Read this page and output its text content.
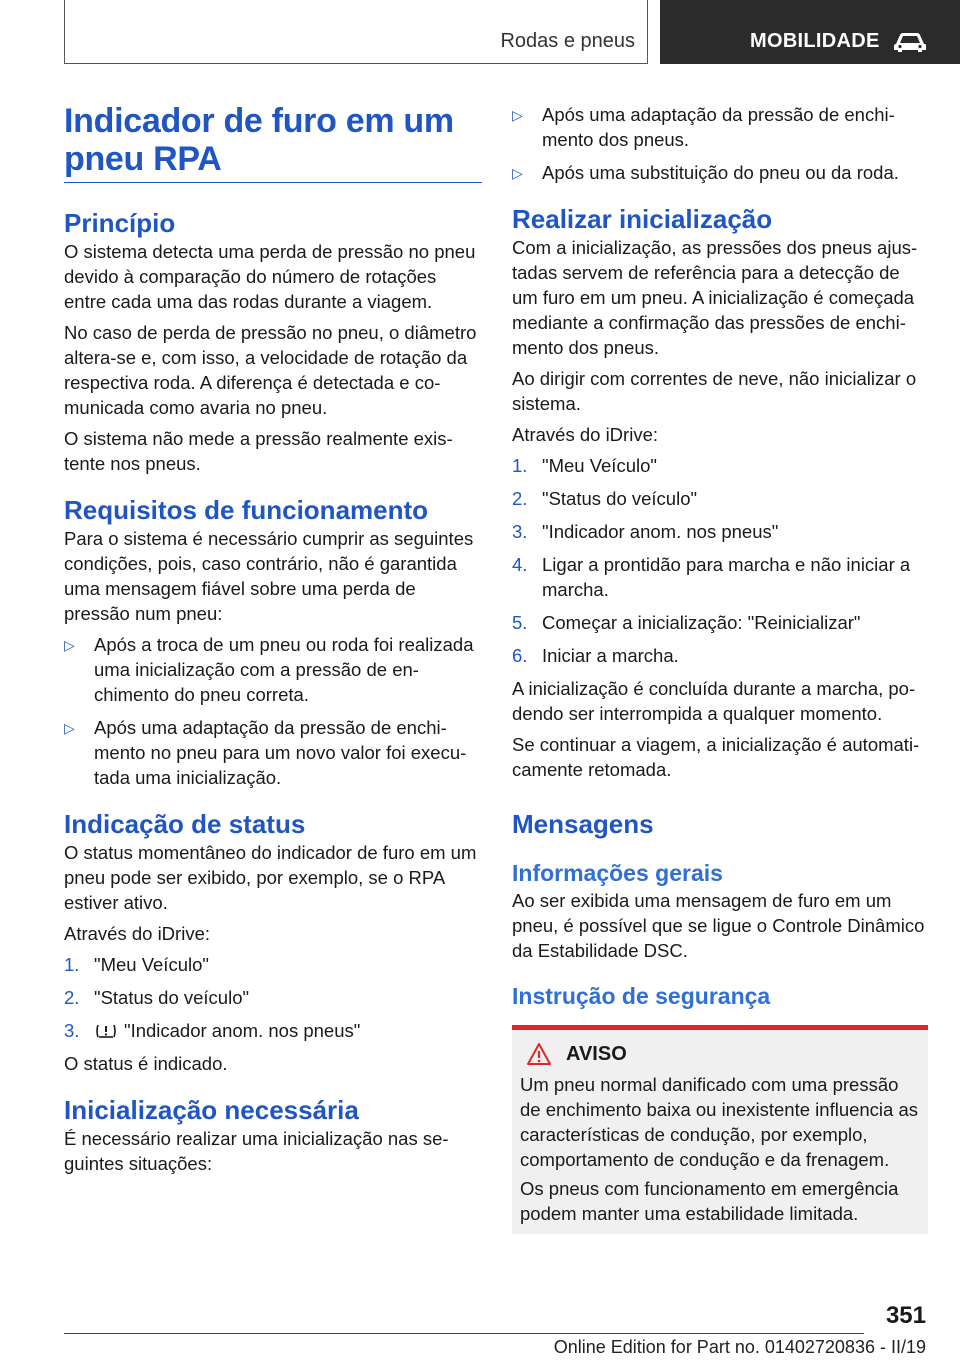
Rodas e pneus	MOBILIDADE
Indicador de furo em um
pneu RPA
Princípio

O sistema detecta uma perda de pressão no pneu devido à comparação do número de rotações entre cada uma das rodas durante a viagem.

No caso de perda de pressão no pneu, o diâmetro altera-se e, com isso, a velocidade de rotação da respectiva roda. A diferença é detectada e comunicada como avaria no pneu.

O sistema não mede a pressão realmente existente nos pneus.

Requisitos de funcionamento

Para o sistema é necessário cumprir as seguintes condições, pois, caso contrário, não é garantida uma mensagem fiável sobre uma perda de pressão num pneu:

▷ Após a troca de um pneu ou roda foi realizada uma inicialização com a pressão de enchimento do pneu correta.
▷ Após uma adaptação da pressão de enchimento no pneu para um novo valor foi executada uma inicialização.
Indicação de status

O status momentâneo do indicador de furo em um pneu pode ser exibido, por exemplo, se o RPA estiver ativo.

Através do iDrive:

1. "Meu Veículo"
2. "Status do veículo"
3. "Indicador anom. nos pneus"

O status é indicado.

Inicialização necessária

É necessário realizar uma inicialização nas seguintes situações:

▷ Após uma adaptação da pressão de enchimento dos pneus.
▷ Após uma substituição do pneu ou da roda.
Realizar inicialização

Com a inicialização, as pressões dos pneus ajustadas servem de referência para a detecção de um furo em um pneu. A inicialização é começada mediante a confirmação das pressões de enchimento dos pneus.

Ao dirigir com correntes de neve, não inicializar o sistema.

Através do iDrive:

1. "Meu Veículo"
2. "Status do veículo"
3. "Indicador anom. nos pneus"
4. Ligar a prontidão para marcha e não iniciar a marcha.
5. Começar a inicialização: "Reinicializar"
6. Iniciar a marcha.

A inicialização é concluída durante a marcha, podendo ser interrompida a qualquer momento.

Se continuar a viagem, a inicialização é automaticamente retomada.

Mensagens
Informações gerais

Ao ser exibida uma mensagem de furo em um pneu, é possível que se ligue o Controle Dinâmico da Estabilidade DSC.

Instrução de segurança
AVISO

Um pneu normal danificado com uma pressão de enchimento baixa ou inexistente influencia as características de condução, por exemplo, comportamento de condução e da frenagem.

Os pneus com funcionamento em emergência podem manter uma estabilidade limitada.

351
Online Edition for Part no. 01402720836 - II/19
